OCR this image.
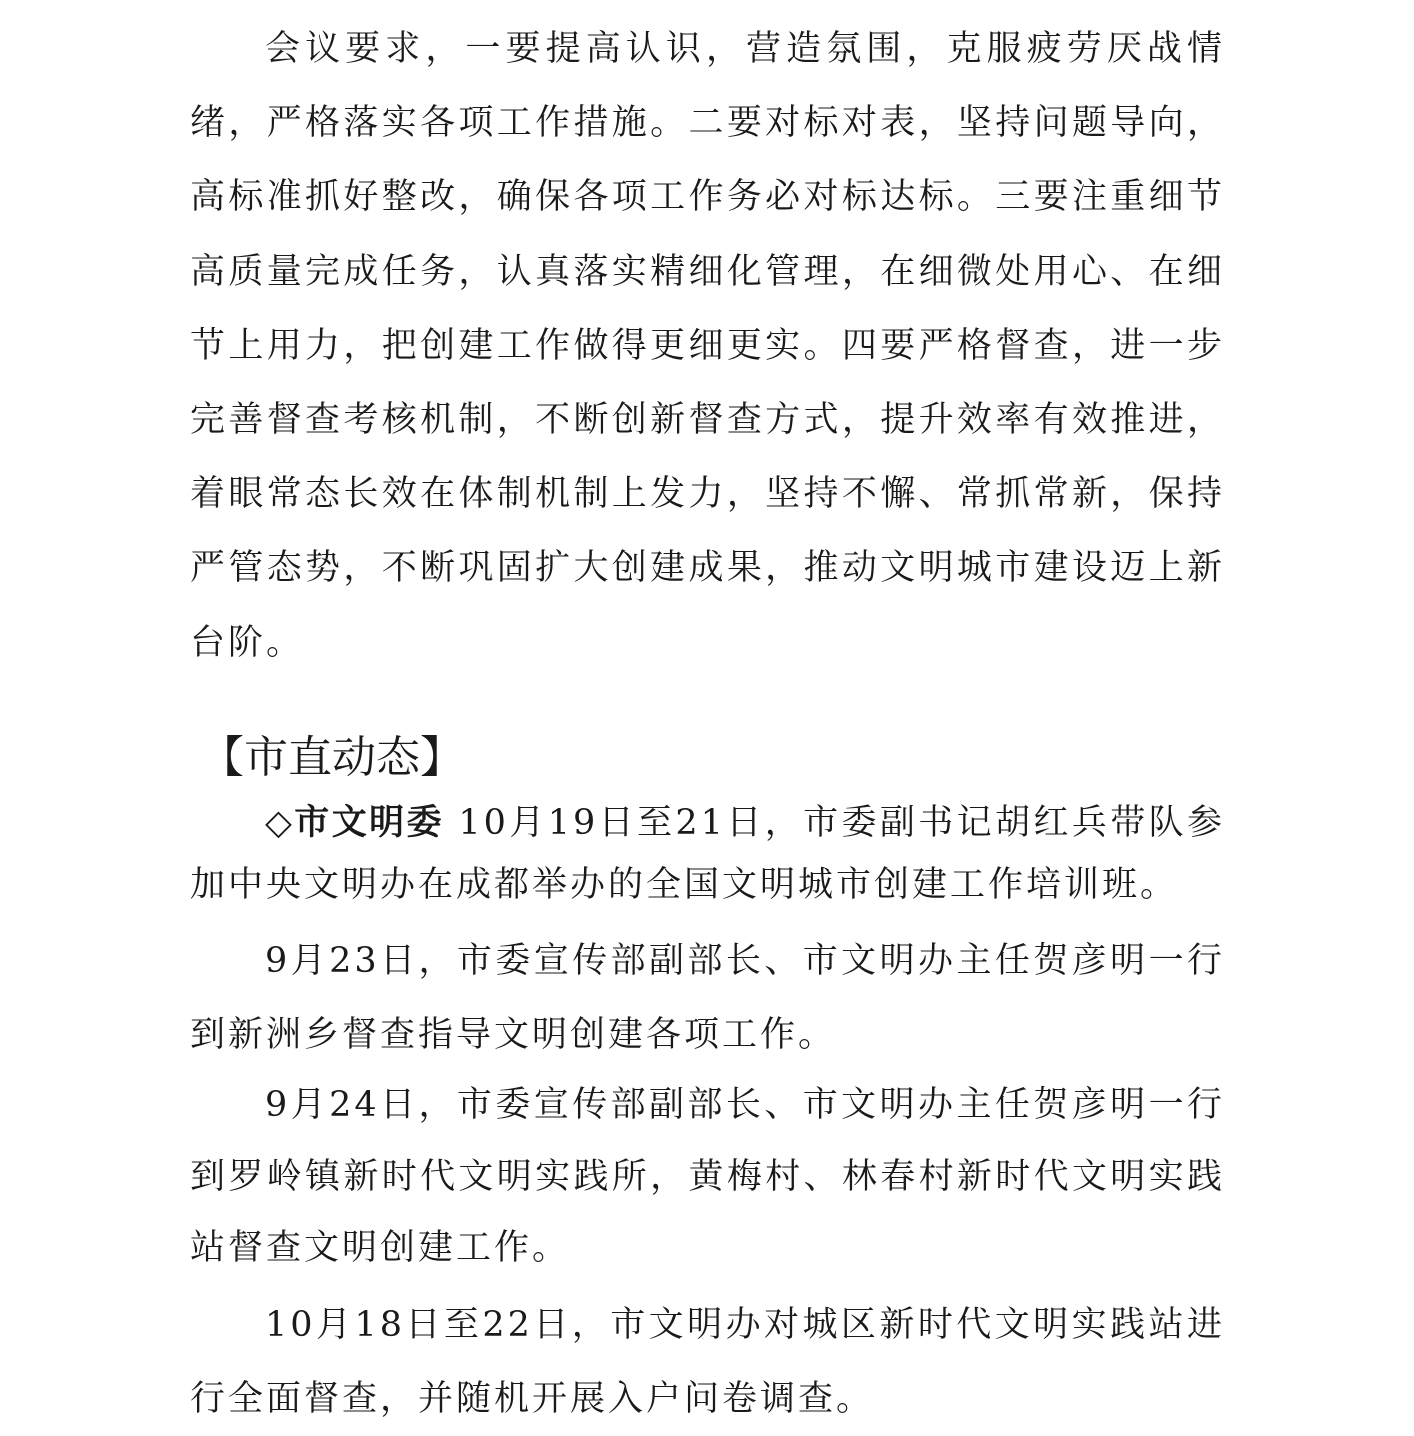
会议要求，一要提高认识，营造氛围，克服疲劳厌战情绪，严格落实各项工作措施。二要对标对表，坚持问题导向，高标准抓好整改，确保各项工作务必对标达标。三要注重细节高质量完成任务，认真落实精细化管理，在细微处用心、在细节上用力，把创建工作做得更细更实。四要严格督查，进一步完善督查考核机制，不断创新督查方式，提升效率有效推进，着眼常态长效在体制机制上发力，坚持不懈、常抓常新，保持严管态势，不断巩固扩大创建成果，推动文明城市建设迈上新台阶。

【市直动态】

◇市文明委 10月19日至21日，市委副书记胡红兵带队参加中央文明办在成都举办的全国文明城市创建工作培训班。

9月23日，市委宣传部副部长、市文明办主任贺彦明一行到新洲乡督查指导文明创建各项工作。

9月24日，市委宣传部副部长、市文明办主任贺彦明一行到罗岭镇新时代文明实践所，黄梅村、林春村新时代文明实践站督查文明创建工作。

10月18日至22日，市文明办对城区新时代文明实践站进行全面督查，并随机开展入户问卷调查。
